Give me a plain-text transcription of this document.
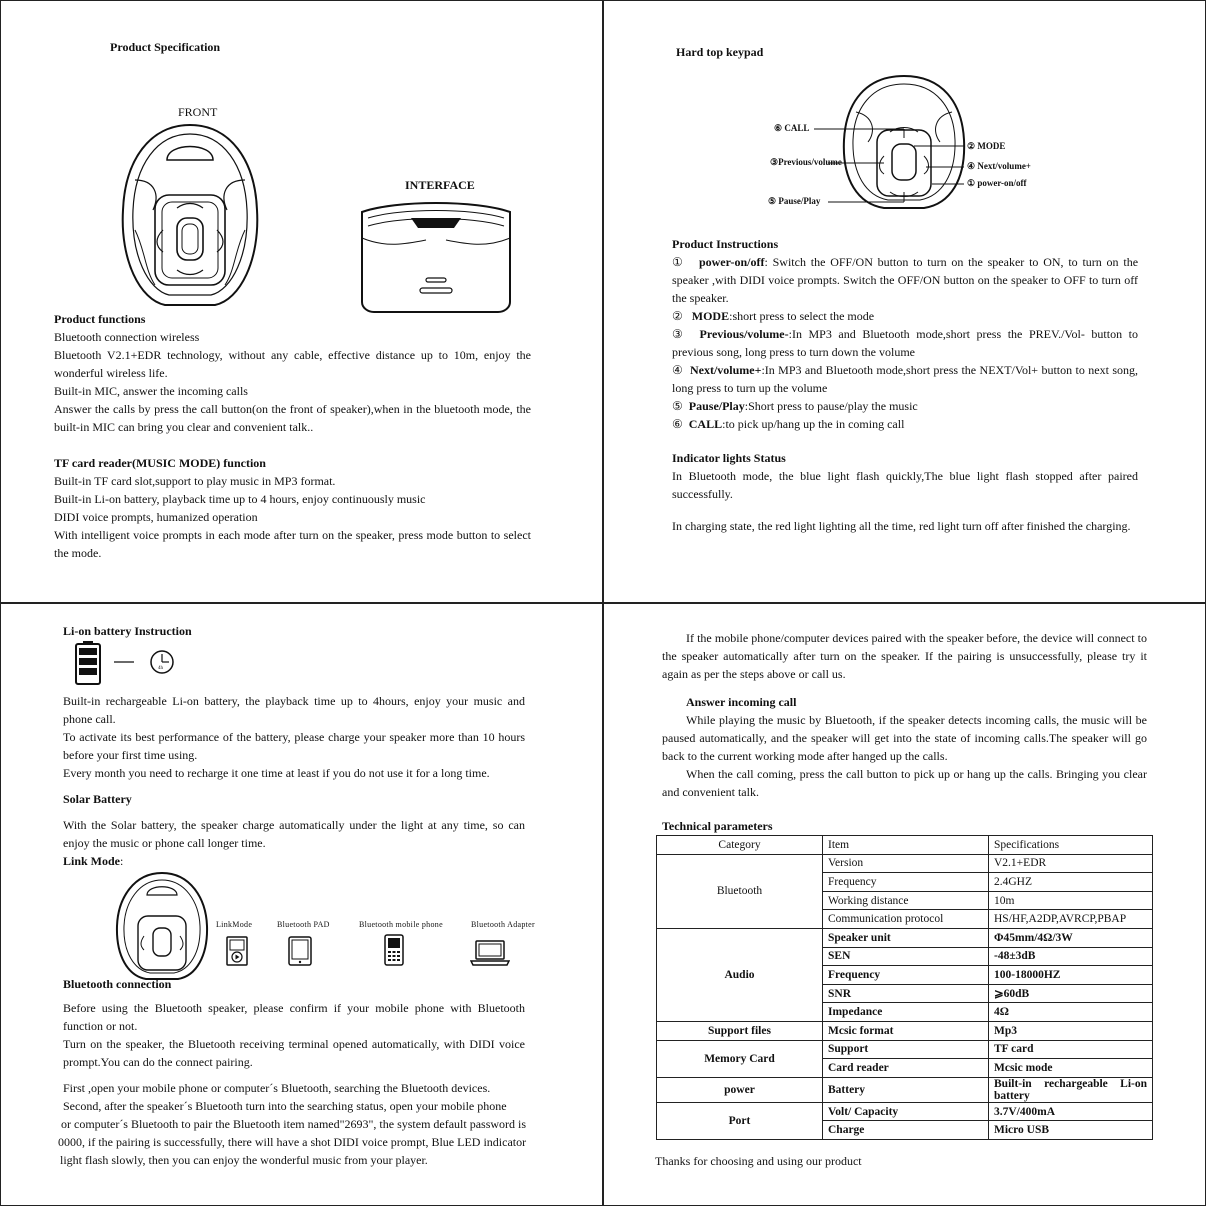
Product Specification
FRONT
INTERFACE
Product functions

Bluetooth connection wireless

Bluetooth V2.1+EDR technology, without any cable, effective distance up to 10m, enjoy the wonderful wireless life.

Built-in MIC, answer the incoming calls

Answer the calls by press the call button(on the front of speaker),when in the bluetooth mode, the built-in MIC can bring you clear and convenient talk..

TF card reader(MUSIC MODE) function

Built-in TF card slot,support to play music in MP3 format.

Built-in Li-on battery, playback time up to 4 hours, enjoy continuously music

DIDI voice prompts, humanized operation

With intelligent voice prompts in each mode after turn on the speaker, press mode button to select the mode.

Hard top keypad
⑥ CALL
③Previous/volume
⑤ Pause/Play
② MODE
④ Next/volume+
① power-on/off
Product Instructions

① power-on/off: Switch the OFF/ON button to turn on the speaker to ON, to turn on the speaker ,with DIDI voice prompts. Switch the OFF/ON button on the speaker to OFF to turn off the speaker.

② MODE:short press to select the mode

③ Previous/volume-:In MP3 and Bluetooth mode,short press the PREV./Vol- button to previous song, long press to turn down the volume

④ Next/volume+:In MP3 and Bluetooth mode,short press the NEXT/Vol+ button to next song, long press to turn up the volume

⑤ Pause/Play:Short press to pause/play the music

⑥ CALL:to pick up/hang up the in coming call

Indicator lights Status

In Bluetooth mode, the blue light flash quickly,The blue light flash stopped after paired successfully.

In charging state, the red light lighting all the time, red light turn off after finished the charging.

Li-on battery Instruction
4h

Built-in rechargeable Li-on battery, the playback time up to 4hours, enjoy your music and phone call.

To activate its best performance of the battery, please charge your speaker more than 10 hours before your first time using.

Every month you need to recharge it one time at least if you do not use it for a long time.

Solar Battery

With the Solar battery, the speaker charge automatically under the light at any time, so can enjoy the music or phone call longer time.

Link Mode:

LinkMode	Bluetooth PAD	Bluetooth mobile phone	Bluetooth Adapter
Bluetooth connection

Before using the Bluetooth speaker, please confirm if your mobile phone with Bluetooth function or not.

Turn on the speaker, the Bluetooth receiving terminal opened automatically, with DIDI voice prompt.You can do the connect pairing.

First ,open your mobile phone or computer´s Bluetooth, searching the Bluetooth devices.

Second, after the speaker´s Bluetooth turn into the searching status, open your mobile phone

or computer´s Bluetooth to pair the Bluetooth item named"2693", the system default password is

0000, if the pairing is successfully, there will have a shot DIDI voice prompt, Blue LED indicator

light flash slowly, then you can enjoy the wonderful music from your player.

If the mobile phone/computer devices paired with the speaker before, the device will connect to the speaker automatically after turn on the speaker. If the pairing is unsuccessfully, please try it again as per the steps above or call us.

Answer incoming call

While playing the music by Bluetooth, if the speaker detects incoming calls, the music will be paused automatically, and the speaker will get into the state of incoming calls.The speaker will go back to the current working mode after hanged up the calls.

When the call coming, press the call button to pick up or hang up the calls. Bringing you clear and convenient talk.

Technical parameters
Category	Item	Specifications
Bluetooth	Version	V2.1+EDR
	Frequency	2.4GHZ
	Working distance	10m
	Communication protocol	HS/HF,A2DP,AVRCP,PBAP
Audio	Speaker unit	Φ45mm/4Ω/3W
	SEN	-48±3dB
	Frequency	100-18000HZ
	SNR	⩾60dB
	Impedance	4Ω
Support files	Mcsic format	Mp3
Memory Card	Support	TF card
	Card reader	Mcsic mode
power	Battery	Built-in rechargeable Li-on battery
Port	Volt/ Capacity	3.7V/400mA
	Charge	Micro USB
Thanks for choosing and using our product
